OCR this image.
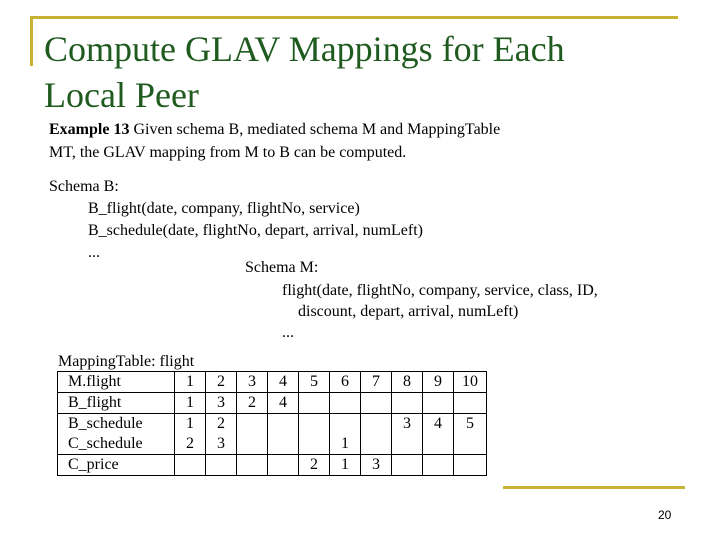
Compute GLAV Mappings for Each
Local Peer
Example 13 Given schema B, mediated schema M and MappingTable
MT, the GLAV mapping from M to B can be computed.
Schema B:
B_flight(date, company, flightNo, service)
B_schedule(date, flightNo, depart, arrival, numLeft)
...
Schema M:
flight(date, flightNo, company, service, class, ID,
discount, depart, arrival, numLeft)
...
MappingTable: flight
M.flight	1	2	3	4	5	6	7	8	9	10
B_flight	1	3	2	4						
B_schedule	1	2						3	4	5
C_schedule	2	3				1				
C_price					2	1	3			
20
